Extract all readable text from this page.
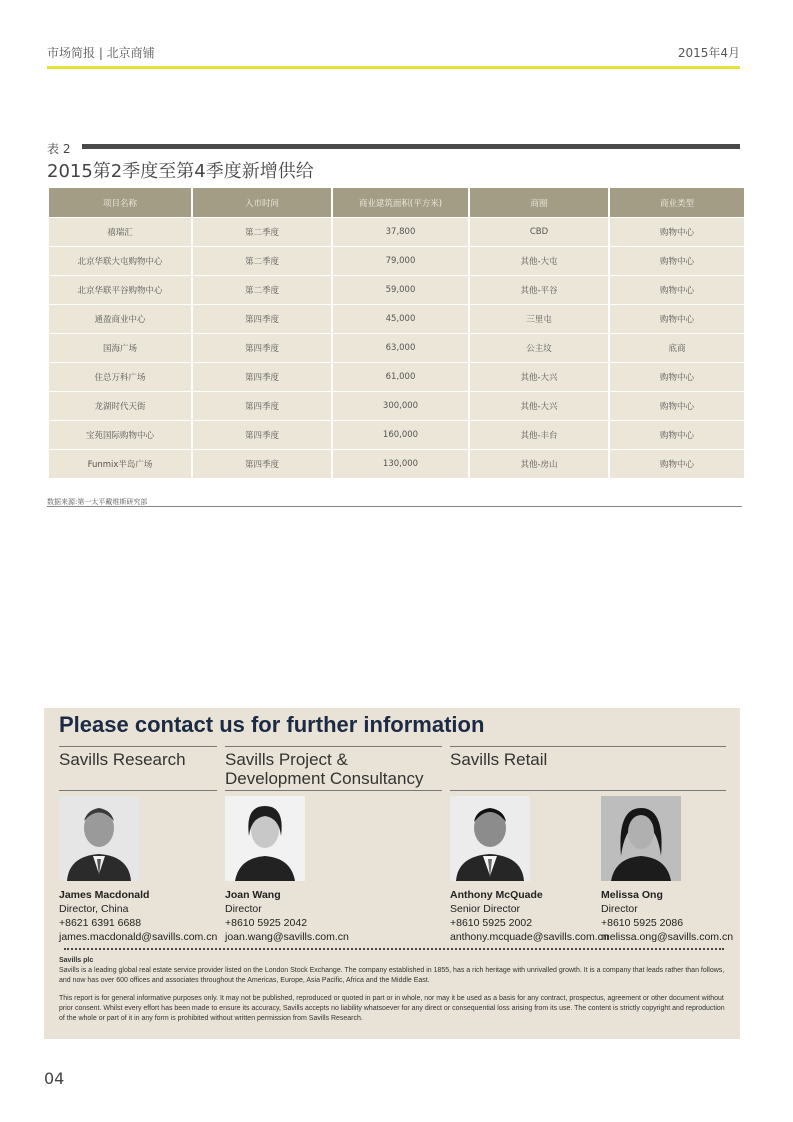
市场简报 | 北京商铺	2015年4月
表 2
2015第2季度至第4季度新增供给
项目名称	入市时间	商业建筑面积(平方米)	商圈	商业类型
禧瑞汇	第二季度	37,800	CBD	购物中心
北京华联大屯购物中心	第二季度	79,000	其他-大屯	购物中心
北京华联平谷购物中心	第二季度	59,000	其他-平谷	购物中心
通盈商业中心	第四季度	45,000	三里屯	购物中心
国海广场	第四季度	63,000	公主坟	底商
住总万科广场	第四季度	61,000	其他-大兴	购物中心
龙湖时代天街	第四季度	300,000	其他-大兴	购物中心
宝苑国际购物中心	第四季度	160,000	其他-丰台	购物中心
Funmix半岛广场	第四季度	130,000	其他-房山	购物中心
数据来源:第一太平戴维斯研究部
Please contact us for further information
Savills Research	Savills Project & Development Consultancy
Savills Retail
James Macdonald
Director, China
+8621 6391 6688
james.macdonald@savills.com.cn
Joan Wang
Director
+8610 5925 2042
joan.wang@savills.com.cn
Anthony McQuade
Senior Director
+8610 5925 2002
anthony.mcquade@savills.com.cn
Melissa Ong
Director
+8610 5925 2086
melissa.ong@savills.com.cn
Savills plc

Savills is a leading global real estate service provider listed on the London Stock Exchange. The company established in 1855, has a rich heritage with unrivalled growth. It is a company that leads rather than follows, and now has over 600 offices and associates throughout the Americas, Europe, Asia Pacific, Africa and the Middle East.

This report is for general informative purposes only. It may not be published, reproduced or quoted in part or in whole, nor may it be used as a basis for any contract, prospectus, agreement or other document without prior consent. Whilst every effort has been made to ensure its accuracy, Savills accepts no liability whatsoever for any direct or consequential loss arising from its use. The content is strictly copyright and reproduction of the whole or part of it in any form is prohibited without written permission from Savills Research.

04
